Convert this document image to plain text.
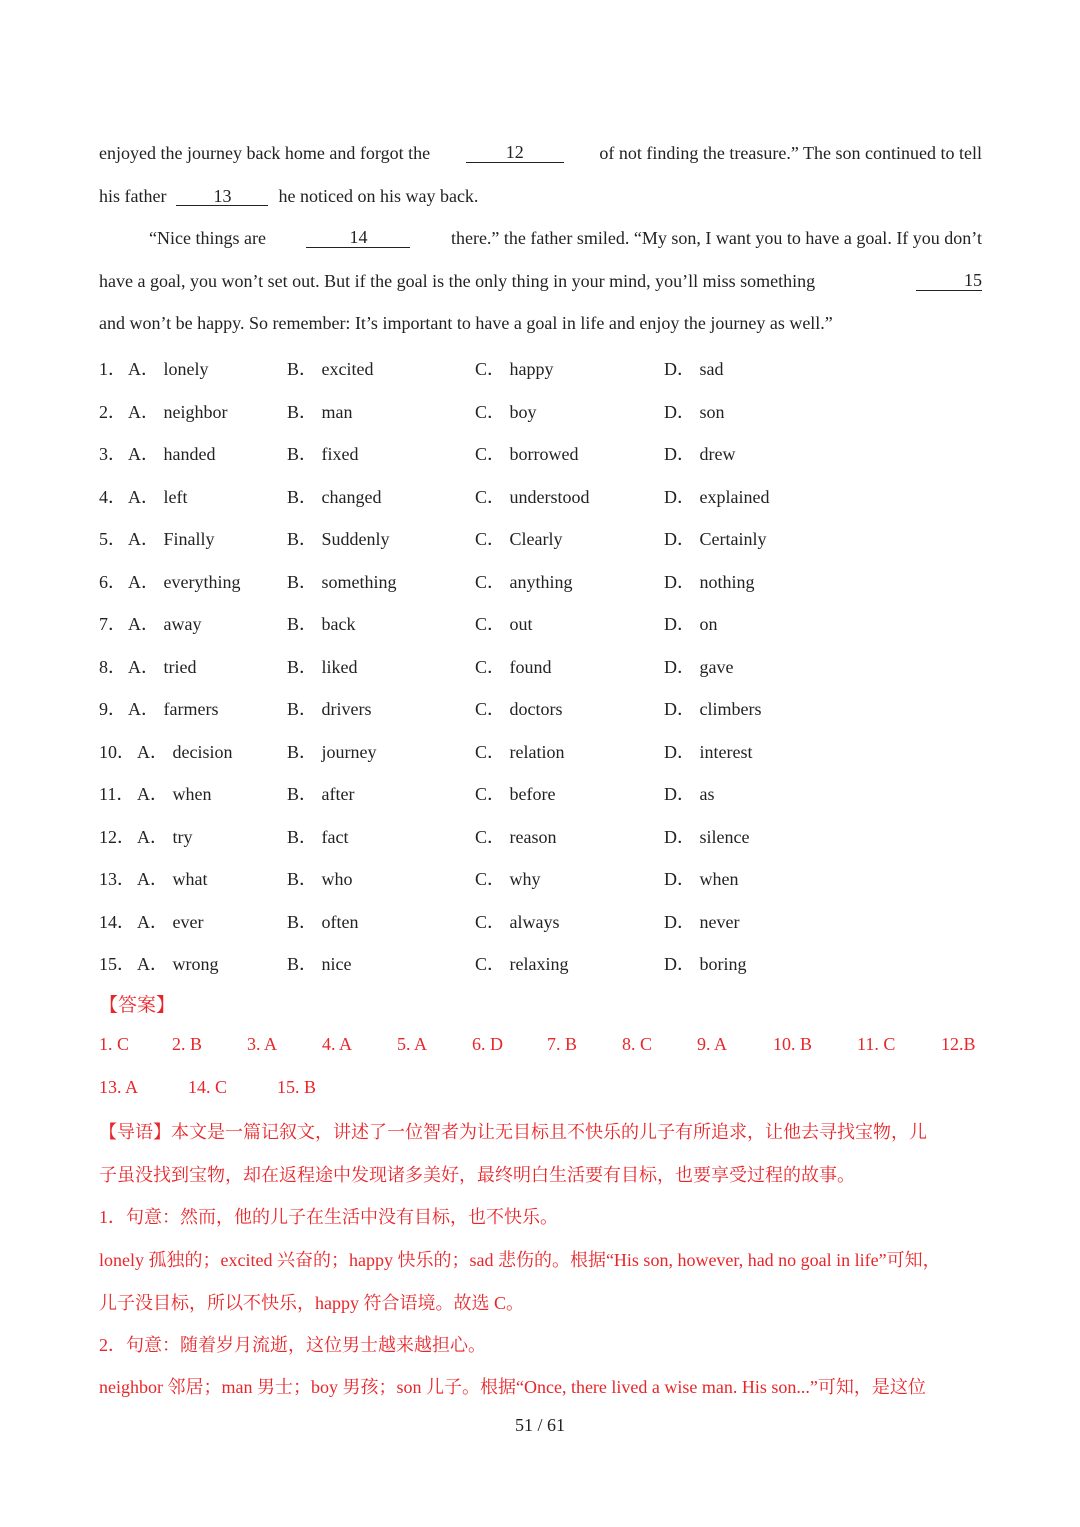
enjoyed the journey back home and forgot the	12	of not finding the treasure.” The son continued to tell
his father	13	he noticed on his way back.
“Nice things are	14	there.” the father smiled. “My son, I want you to have a goal. If you don’t
have a goal, you won’t set out. But if the goal is the only thing in your mind, you’ll miss something	15
and won’t be happy. So remember: It’s important to have a goal in life and enjoy the journey as well.”
1． A． lonely	B． excited	C． happy	D． sad
2． A． neighbor	B． man	C． boy	D． son
3． A． handed	B． fixed	C． borrowed	D． drew
4． A． left	B． changed	C． understood	D． explained
5． A． Finally	B． Suddenly	C． Clearly	D． Certainly
6． A． everything	B． something	C． anything	D． nothing
7． A． away	B． back	C． out	D． on
8． A． tried	B． liked	C． found	D． gave
9． A． farmers	B． drivers	C． doctors	D． climbers
10． A． decision	B． journey	C． relation	D． interest
11． A． when	B． after	C． before	D． as
12． A． try	B． fact	C． reason	D． silence
13． A． what	B． who	C． why	D． when
14． A． ever	B． often	C． always	D． never
15． A． wrong	B． nice	C． relaxing	D． boring
【答案】
1. C 2. B 3. A 4. A 5. A 6. D 7. B 8. C 9. A	10. B 11. C	12.B
13. A	14. C	15. B
【导语】本文是一篇记叙文，讲述了一位智者为让无目标且不快乐的儿子有所追求，让他去寻找宝物，儿
子虽没找到宝物，却在返程途中发现诸多美好，最终明白生活要有目标，也要享受过程的故事。
1．句意：然而，他的儿子在生活中没有目标，也不快乐。
lonely 孤独的；excited 兴奋的；happy 快乐的；sad 悲伤的。根据“His son, however, had no goal in life”可知，
儿子没目标，所以不快乐，happy 符合语境。故选 C。
2．句意：随着岁月流逝，这位男士越来越担心。
neighbor 邻居；man 男士；boy 男孩；son 儿子。根据“Once, there lived a wise man. His son...”可知，是这位
51 / 61
